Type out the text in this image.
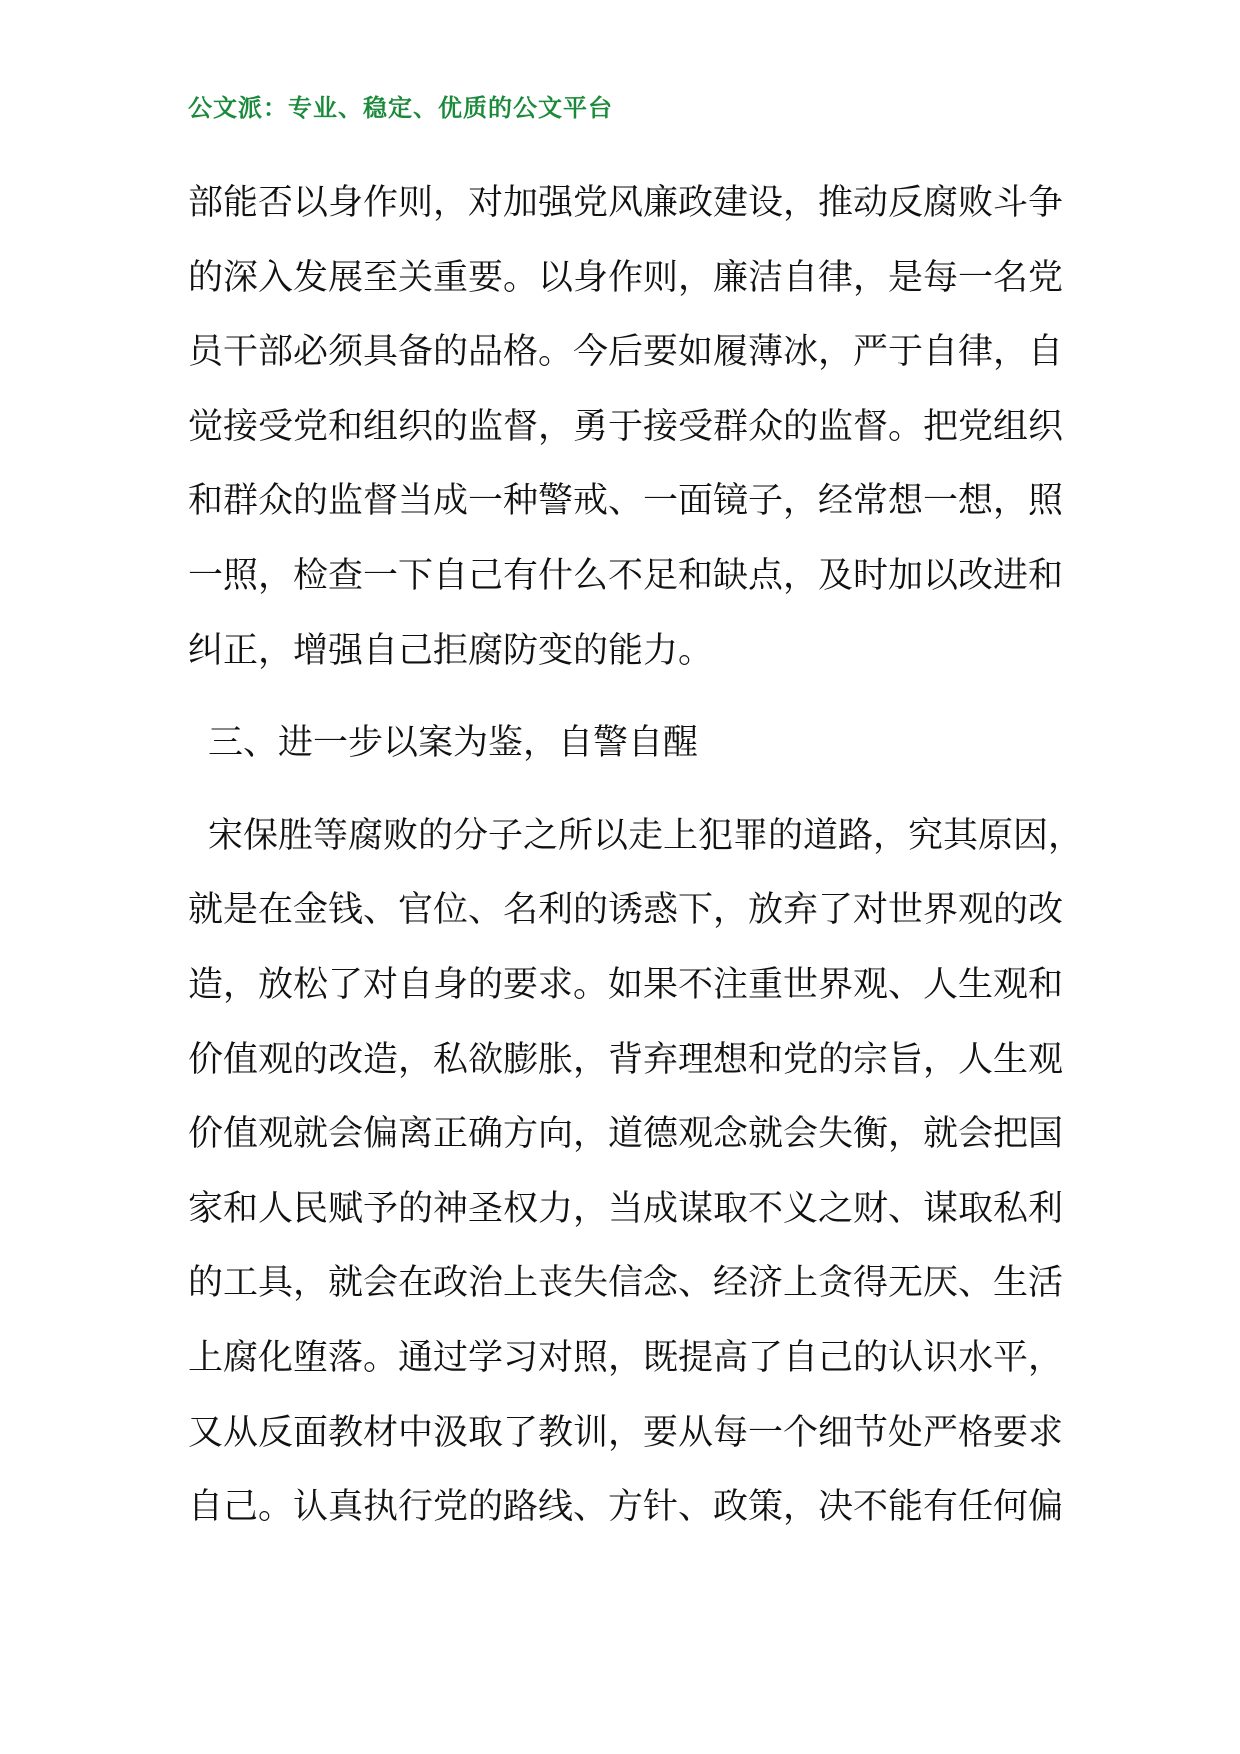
公文派：专业、稳定、优质的公文平台
部能否以身作则，对加强党风廉政建设，推动反腐败斗争
的深入发展至关重要。以身作则，廉洁自律，是每一名党
员干部必须具备的品格。今后要如履薄冰，严于自律，自
觉接受党和组织的监督，勇于接受群众的监督。把党组织
和群众的监督当成一种警戒、一面镜子，经常想一想，照
一照，检查一下自己有什么不足和缺点，及时加以改进和
纠正，增强自己拒腐防变的能力。
三、进一步以案为鉴，自警自醒
宋保胜等腐败的分子之所以走上犯罪的道路，究其原因，
就是在金钱、官位、名利的诱惑下，放弃了对世界观的改
造，放松了对自身的要求。如果不注重世界观、人生观和
价值观的改造，私欲膨胀，背弃理想和党的宗旨，人生观
价值观就会偏离正确方向，道德观念就会失衡，就会把国
家和人民赋予的神圣权力，当成谋取不义之财、谋取私利
的工具，就会在政治上丧失信念、经济上贪得无厌、生活
上腐化堕落。通过学习对照，既提高了自己的认识水平，
又从反面教材中汲取了教训，要从每一个细节处严格要求
自己。认真执行党的路线、方针、政策，决不能有任何偏
